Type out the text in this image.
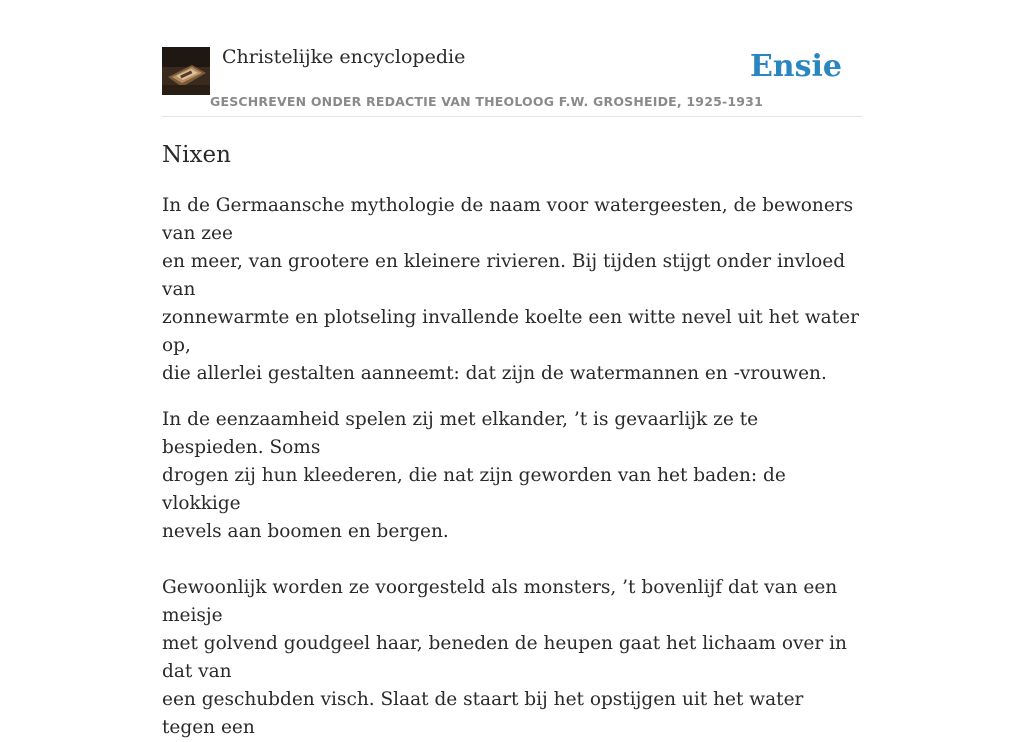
Christelijke encyclopedie
GESCHREVEN ONDER REDACTIE VAN THEOLOOG F.W. GROSHEIDE, 1925-1931
Ensie
Nixen

In de Germaansche mythologie de naam voor watergeesten, de bewoners van zee
en meer, van grootere en kleinere rivieren. Bij tijden stijgt onder invloed van
zonnewarmte en plotseling invallende koelte een witte nevel uit het water op,
die allerlei gestalten aanneemt: dat zijn de watermannen en -vrouwen.

In de eenzaamheid spelen zij met elkander, ’t is gevaarlijk ze te bespieden. Soms
drogen zij hun kleederen, die nat zijn geworden van het baden: de vlokkige
nevels aan boomen en bergen.

Gewoonlijk worden ze voorgesteld als monsters, ’t bovenlijf dat van een meisje
met golvend goudgeel haar, beneden de heupen gaat het lichaam over in dat van
een geschubden visch. Slaat de staart bij het opstijgen uit het water tegen een
